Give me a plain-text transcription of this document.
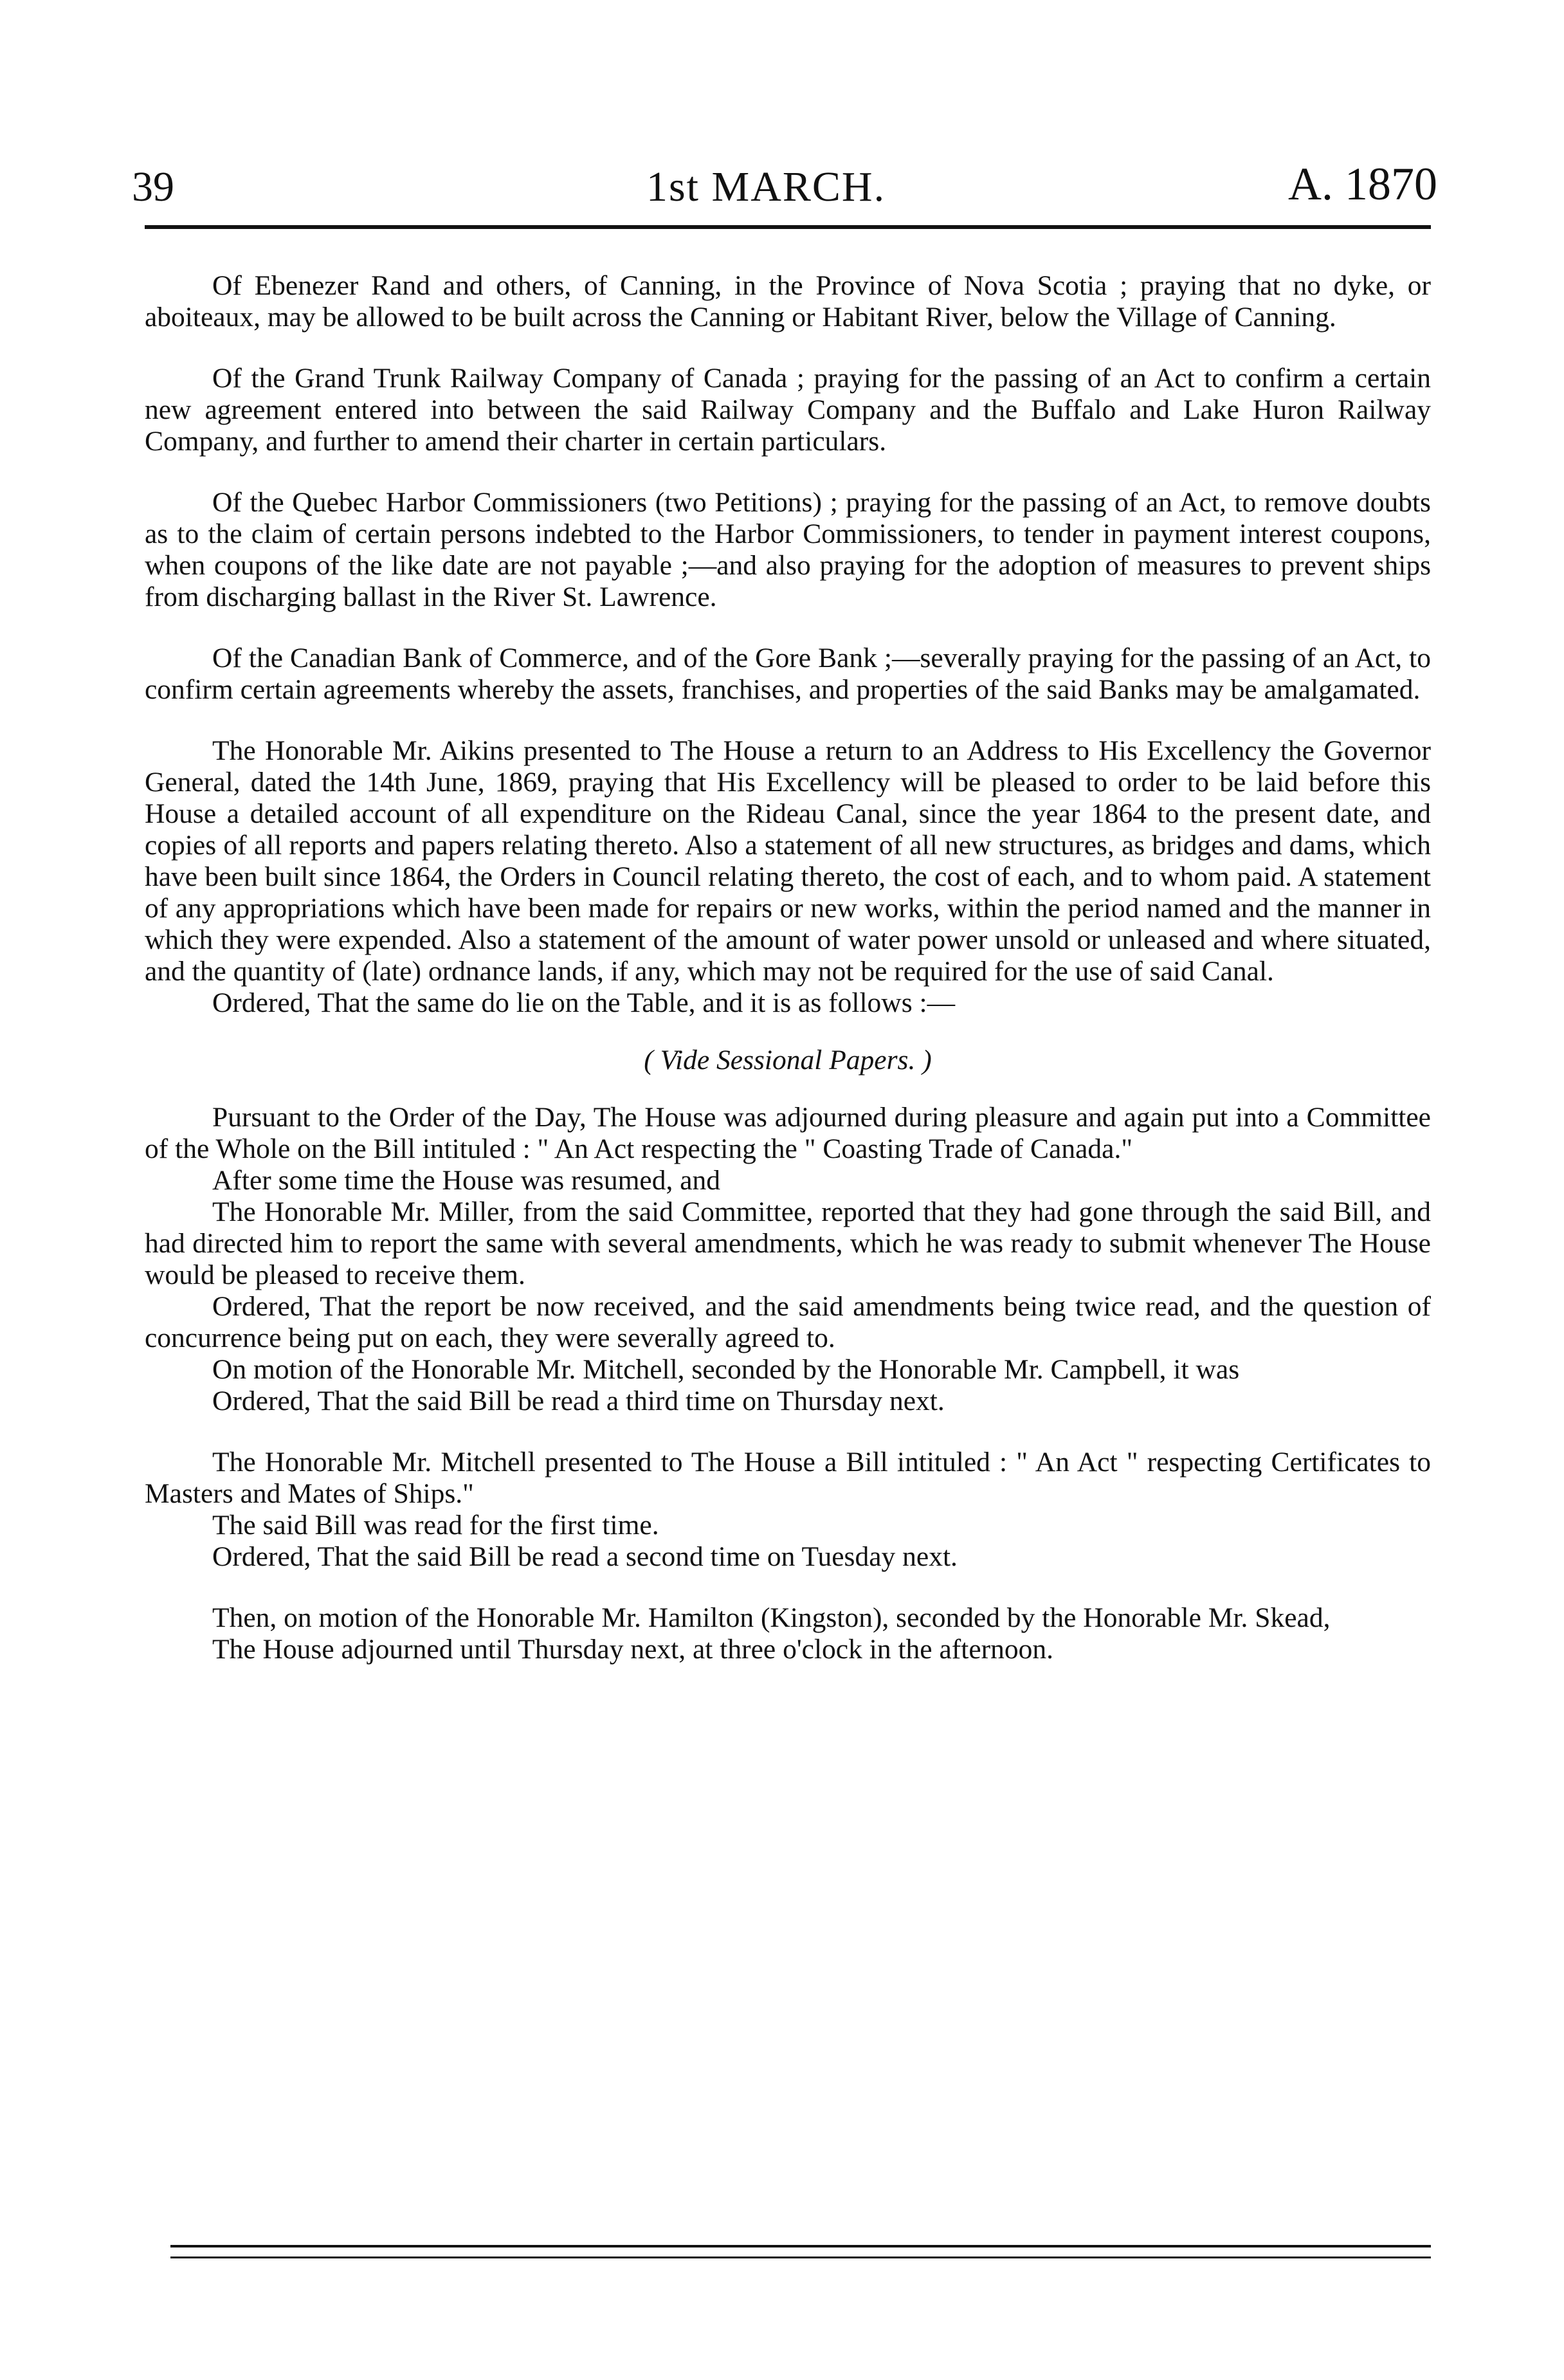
39	1st MARCH.	A. 1870

Of Ebenezer Rand and others, of Canning, in the Province of Nova Scotia ; praying that no dyke, or aboiteaux, may be allowed to be built across the Canning or Habitant River, below the Village of Canning.

Of the Grand Trunk Railway Company of Canada ; praying for the passing of an Act to confirm a certain new agreement entered into between the said Railway Company and the Buffalo and Lake Huron Railway Company, and further to amend their charter in certain particulars.

Of the Quebec Harbor Commissioners (two Petitions) ; praying for the passing of an Act, to remove doubts as to the claim of certain persons indebted to the Harbor Commissioners, to tender in payment interest coupons, when coupons of the like date are not payable ;—and also praying for the adoption of measures to prevent ships from discharging ballast in the River St. Lawrence.

Of the Canadian Bank of Commerce, and of the Gore Bank ;—severally praying for the passing of an Act, to confirm certain agreements whereby the assets, franchises, and properties of the said Banks may be amalgamated.

The Honorable Mr. Aikins presented to The House a return to an Address to His Excellency the Governor General, dated the 14th June, 1869, praying that His Excellency will be pleased to order to be laid before this House a detailed account of all expenditure on the Rideau Canal, since the year 1864 to the present date, and copies of all reports and papers relating thereto. Also a statement of all new structures, as bridges and dams, which have been built since 1864, the Orders in Council relating thereto, the cost of each, and to whom paid. A statement of any appropriations which have been made for repairs or new works, within the period named and the manner in which they were expended. Also a statement of the amount of water power unsold or unleased and where situated, and the quantity of (late) ordnance lands, if any, which may not be required for the use of said Canal.

Ordered, That the same do lie on the Table, and it is as follows :—

( Vide Sessional Papers. )

Pursuant to the Order of the Day, The House was adjourned during pleasure and again put into a Committee of the Whole on the Bill intituled : " An Act respecting the " Coasting Trade of Canada."

After some time the House was resumed, and

The Honorable Mr. Miller, from the said Committee, reported that they had gone through the said Bill, and had directed him to report the same with several amendments, which he was ready to submit whenever The House would be pleased to receive them.

Ordered, That the report be now received, and the said amendments being twice read, and the question of concurrence being put on each, they were severally agreed to.

On motion of the Honorable Mr. Mitchell, seconded by the Honorable Mr. Campbell, it was

Ordered, That the said Bill be read a third time on Thursday next.

The Honorable Mr. Mitchell presented to The House a Bill intituled : " An Act " respecting Certificates to Masters and Mates of Ships."

The said Bill was read for the first time.

Ordered, That the said Bill be read a second time on Tuesday next.

Then, on motion of the Honorable Mr. Hamilton (Kingston), seconded by the Honorable Mr. Skead,

The House adjourned until Thursday next, at three o'clock in the afternoon.
